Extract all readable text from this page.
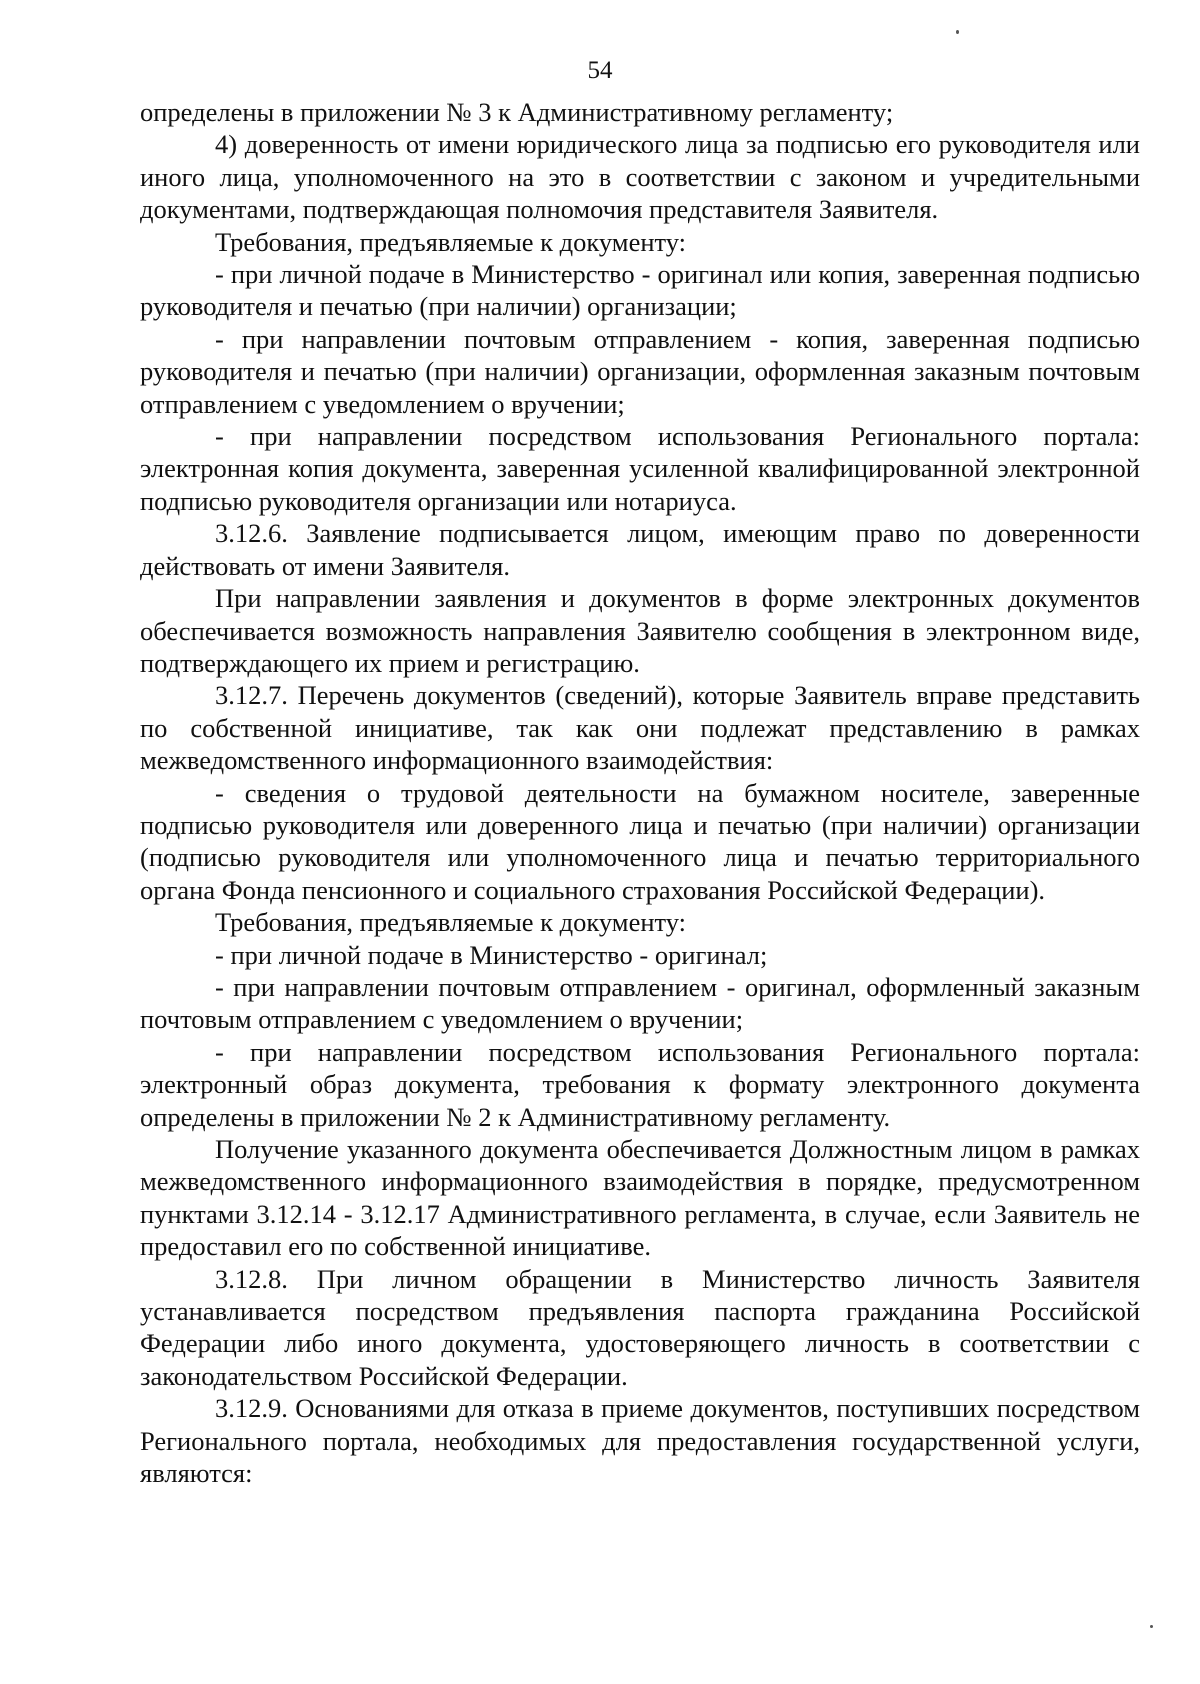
54

определены в приложении № 3 к Административному регламенту;

4) доверенность от имени юридического лица за подписью его руководителя или иного лица, уполномоченного на это в соответствии с законом и учредительными документами, подтверждающая полномочия представителя Заявителя.

Требования, предъявляемые к документу:

- при личной подаче в Министерство - оригинал или копия, заверенная подписью руководителя и печатью (при наличии) организации;

- при направлении почтовым отправлением - копия, заверенная подписью руководителя и печатью (при наличии) организации, оформленная заказным почтовым отправлением с уведомлением о вручении;

- при направлении посредством использования Регионального портала: электронная копия документа, заверенная усиленной квалифицированной электронной подписью руководителя организации или нотариуса.

3.12.6. Заявление подписывается лицом, имеющим право по доверенности действовать от имени Заявителя.

При направлении заявления и документов в форме электронных документов обеспечивается возможность направления Заявителю сообщения в электронном виде, подтверждающего их прием и регистрацию.

3.12.7. Перечень документов (сведений), которые Заявитель вправе представить по собственной инициативе, так как они подлежат представлению в рамках межведомственного информационного взаимодействия:

- сведения о трудовой деятельности на бумажном носителе, заверенные подписью руководителя или доверенного лица и печатью (при наличии) организации (подписью руководителя или уполномоченного лица и печатью территориального органа Фонда пенсионного и социального страхования Российской Федерации).

Требования, предъявляемые к документу:

- при личной подаче в Министерство - оригинал;

- при направлении почтовым отправлением - оригинал, оформленный заказным почтовым отправлением с уведомлением о вручении;

- при направлении посредством использования Регионального портала: электронный образ документа, требования к формату электронного документа определены в приложении № 2 к Административному регламенту.

Получение указанного документа обеспечивается Должностным лицом в рамках межведомственного информационного взаимодействия в порядке, предусмотренном пунктами 3.12.14 - 3.12.17 Административного регламента, в случае, если Заявитель не предоставил его по собственной инициативе.

3.12.8. При личном обращении в Министерство личность Заявителя устанавливается посредством предъявления паспорта гражданина Российской Федерации либо иного документа, удостоверяющего личность в соответствии с законодательством Российской Федерации.

3.12.9. Основаниями для отказа в приеме документов, поступивших посредством Регионального портала, необходимых для предоставления государственной услуги, являются:
